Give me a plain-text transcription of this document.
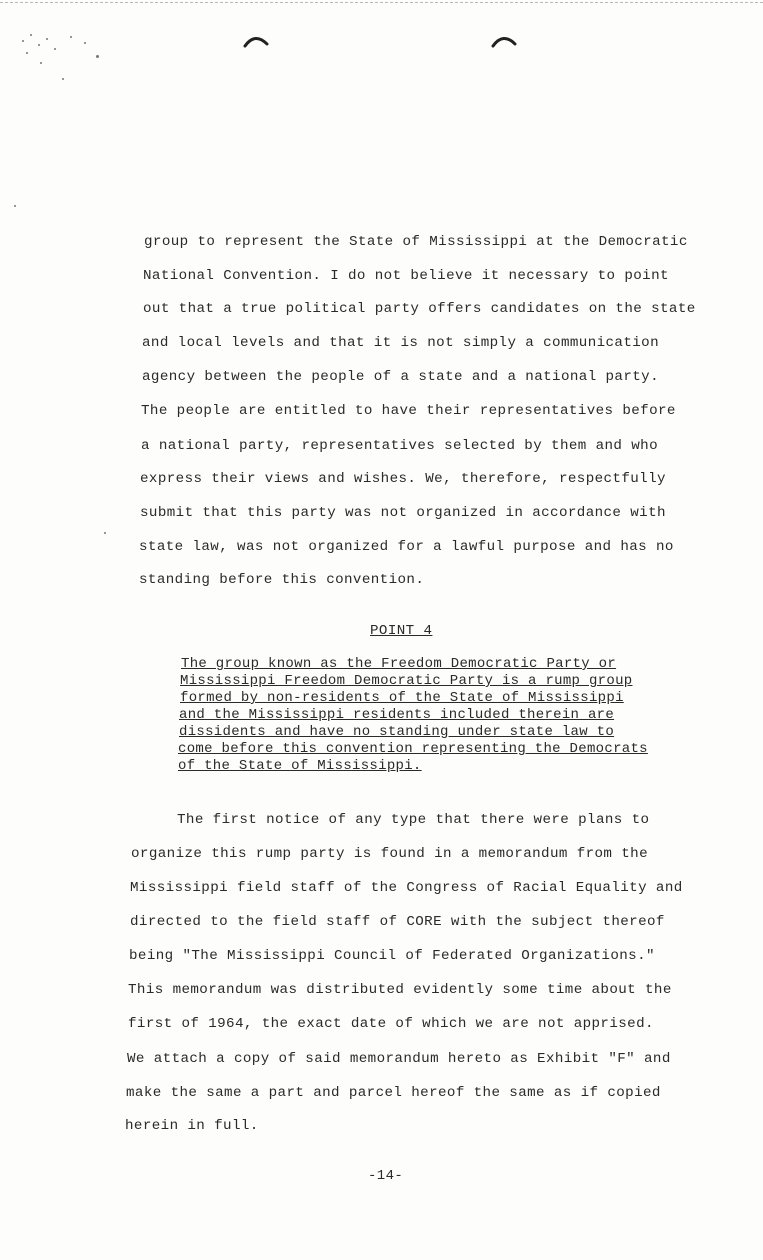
group to represent the State of Mississippi at the Democratic
National Convention. I do not believe it necessary to point
out that a true political party offers candidates on the state
and local levels and that it is not simply a communication
agency between the people of a state and a national party.
The people are entitled to have their representatives before
a national party, representatives selected by them and who
express their views and wishes. We, therefore, respectfully
submit that this party was not organized in accordance with
state law, was not organized for a lawful purpose and has no
standing before this convention.
POINT 4
The group known as the Freedom Democratic Party or
Mississippi Freedom Democratic Party is a rump group
formed by non-residents of the State of Mississippi
and the Mississippi residents included therein are
dissidents and have no standing under state law to
come before this convention representing the Democrats
of the State of Mississippi.
The first notice of any type that there were plans to
organize this rump party is found in a memorandum from the
Mississippi field staff of the Congress of Racial Equality and
directed to the field staff of CORE with the subject thereof
being "The Mississippi Council of Federated Organizations."
This memorandum was distributed evidently some time about the
first of 1964, the exact date of which we are not apprised.
We attach a copy of said memorandum hereto as Exhibit "F" and
make the same a part and parcel hereof the same as if copied
herein in full.
-14-
